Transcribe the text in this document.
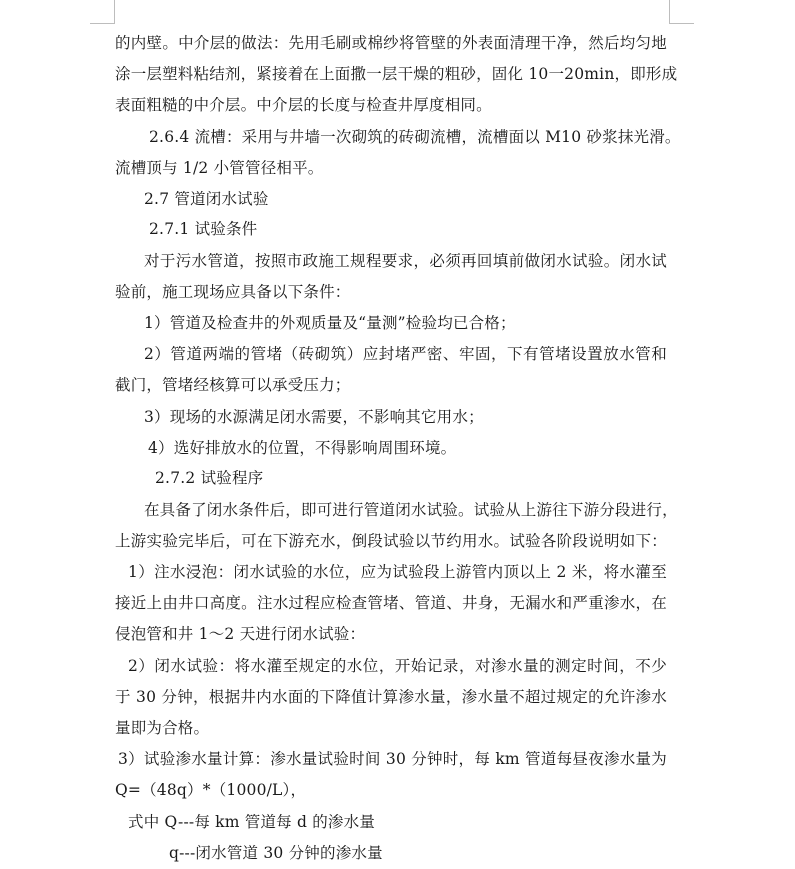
的内壁。中介层的做法：先用毛刷或棉纱将管壁的外表面清理干净，然后均匀地
涂一层塑料粘结剂，紧接着在上面撒一层干燥的粗砂，固化 10一20min，即形成
表面粗糙的中介层。中介层的长度与检查井厚度相同。
2.6.4 流槽：采用与井墙一次砌筑的砖砌流槽，流槽面以 M10 砂浆抹光滑。
流槽顶与 1/2 小管管径相平。
2.7 管道闭水试验
2.7.1 试验条件
对于污水管道，按照市政施工规程要求，必须再回填前做闭水试验。闭水试
验前，施工现场应具备以下条件：
1）管道及检查井的外观质量及“量测”检验均已合格；
2）管道两端的管堵（砖砌筑）应封堵严密、牢固，下有管堵设置放水管和
截门，管堵经核算可以承受压力；
3）现场的水源满足闭水需要，不影响其它用水；
4）选好排放水的位置，不得影响周围环境。
2.7.2 试验程序
在具备了闭水条件后，即可进行管道闭水试验。试验从上游往下游分段进行，
上游实验完毕后，可在下游充水，倒段试验以节约用水。试验各阶段说明如下：
1）注水浸泡：闭水试验的水位，应为试验段上游管内顶以上 2 米，将水灌至
接近上由井口高度。注水过程应检查管堵、管道、井身，无漏水和严重渗水，在
侵泡管和井 1～2 天进行闭水试验：
2）闭水试验：将水灌至规定的水位，开始记录，对渗水量的测定时间，不少
于 30 分钟，根据井内水面的下降值计算渗水量，渗水量不超过规定的允许渗水
量即为合格。
3）试验渗水量计算：渗水量试验时间 30 分钟时，每 km 管道每昼夜渗水量为
Q=（48q）*（1000/L），
式中 Q---每 km 管道每 d 的渗水量
q---闭水管道 30 分钟的渗水量
